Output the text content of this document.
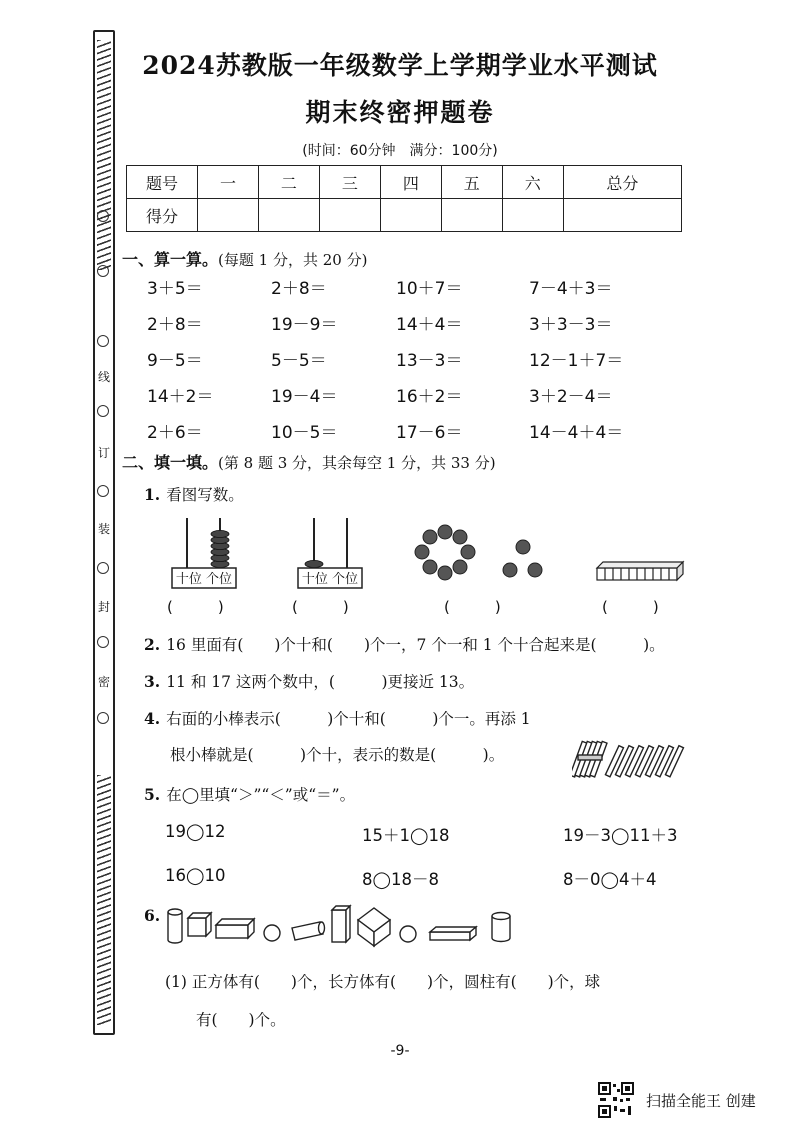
线
订
装
封
密
2024苏教版一年级数学上学期学业水平测试
期末终密押题卷
(时间：60分钟　满分：100分)
题号	一	二	三	四	五	六	总分
得分							
一、算一算。(每题 1 分，共 20 分)
3＋5＝	2＋8＝	10＋7＝	7－4＋3＝
2＋8＝	19－9＝	14＋4＝	3＋3－3＝
9－5＝	5－5＝	13－3＝	12－1＋7＝
14＋2＝	19－4＝	16＋2＝	3＋2－4＝
2＋6＝	10－5＝	17－6＝	14－4＋4＝
二、填一填。(第 8 题 3 分，其余每空 1 分，共 33 分)
1. 看图写数。
十位 个位	十位 个位
(　　　)	(　　　)	(　　　)	(　　　)
2. 16 里面有(　　)个十和(　　)个一，7 个一和 1 个十合起来是(　　　)。
3. 11 和 17 这两个数中，(　　　)更接近 13。
4. 右面的小棒表示(　　　)个十和(　　　)个一。再添 1
根小棒就是(　　　)个十，表示的数是(　　　)。
5. 在◯里填“＞”“＜”或“＝”。
19◯12	15＋1◯18	19－3◯11＋3
16◯10	8◯18－8	8－0◯4＋4
6.
(1) 正方体有(　　)个，长方体有(　　)个，圆柱有(　　)个，球
有(　　)个。
-9-
扫描全能王 创建
